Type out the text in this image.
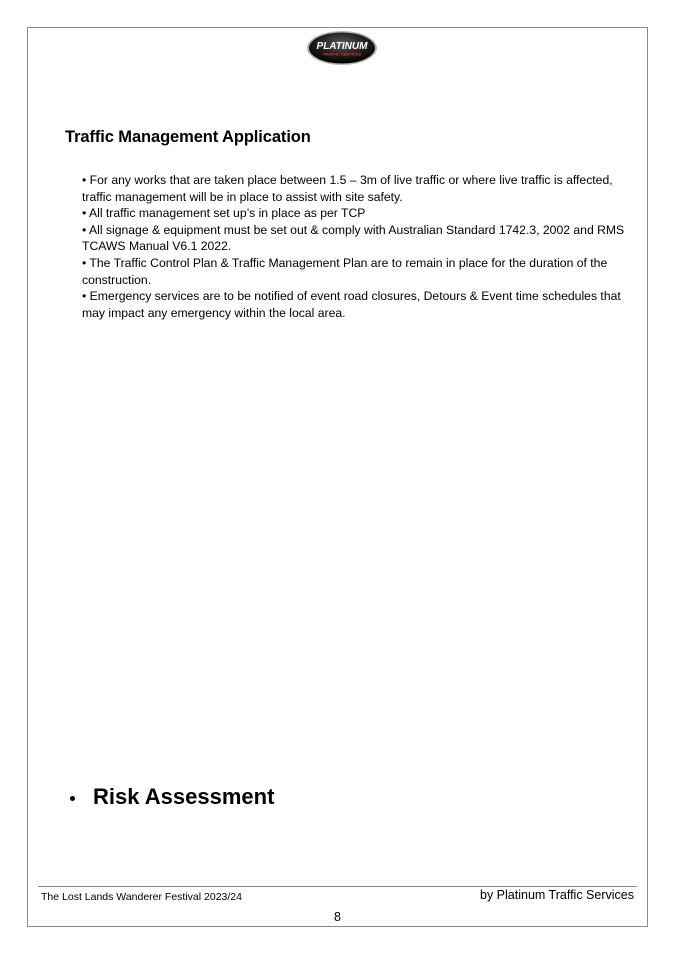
PLATINUM
TRAFFIC SERVICES
Traffic Management Application

• For any works that are taken place between 1.5 – 3m of live traffic or where live traffic is affected, traffic management will be in place to assist with site safety.

• All traffic management set up’s in place as per TCP

• All signage & equipment must be set out & comply with Australian Standard 1742.3, 2002 and RMS TCAWS Manual V6.1 2022.

• The Traffic Control Plan & Traffic Management Plan are to remain in place for the duration of the construction.

• Emergency services are to be notified of event road closures, Detours & Event time schedules that may impact any emergency within the local area.

Risk Assessment
The Lost Lands Wanderer Festival 2023/24	by Platinum Traffic Services
8
